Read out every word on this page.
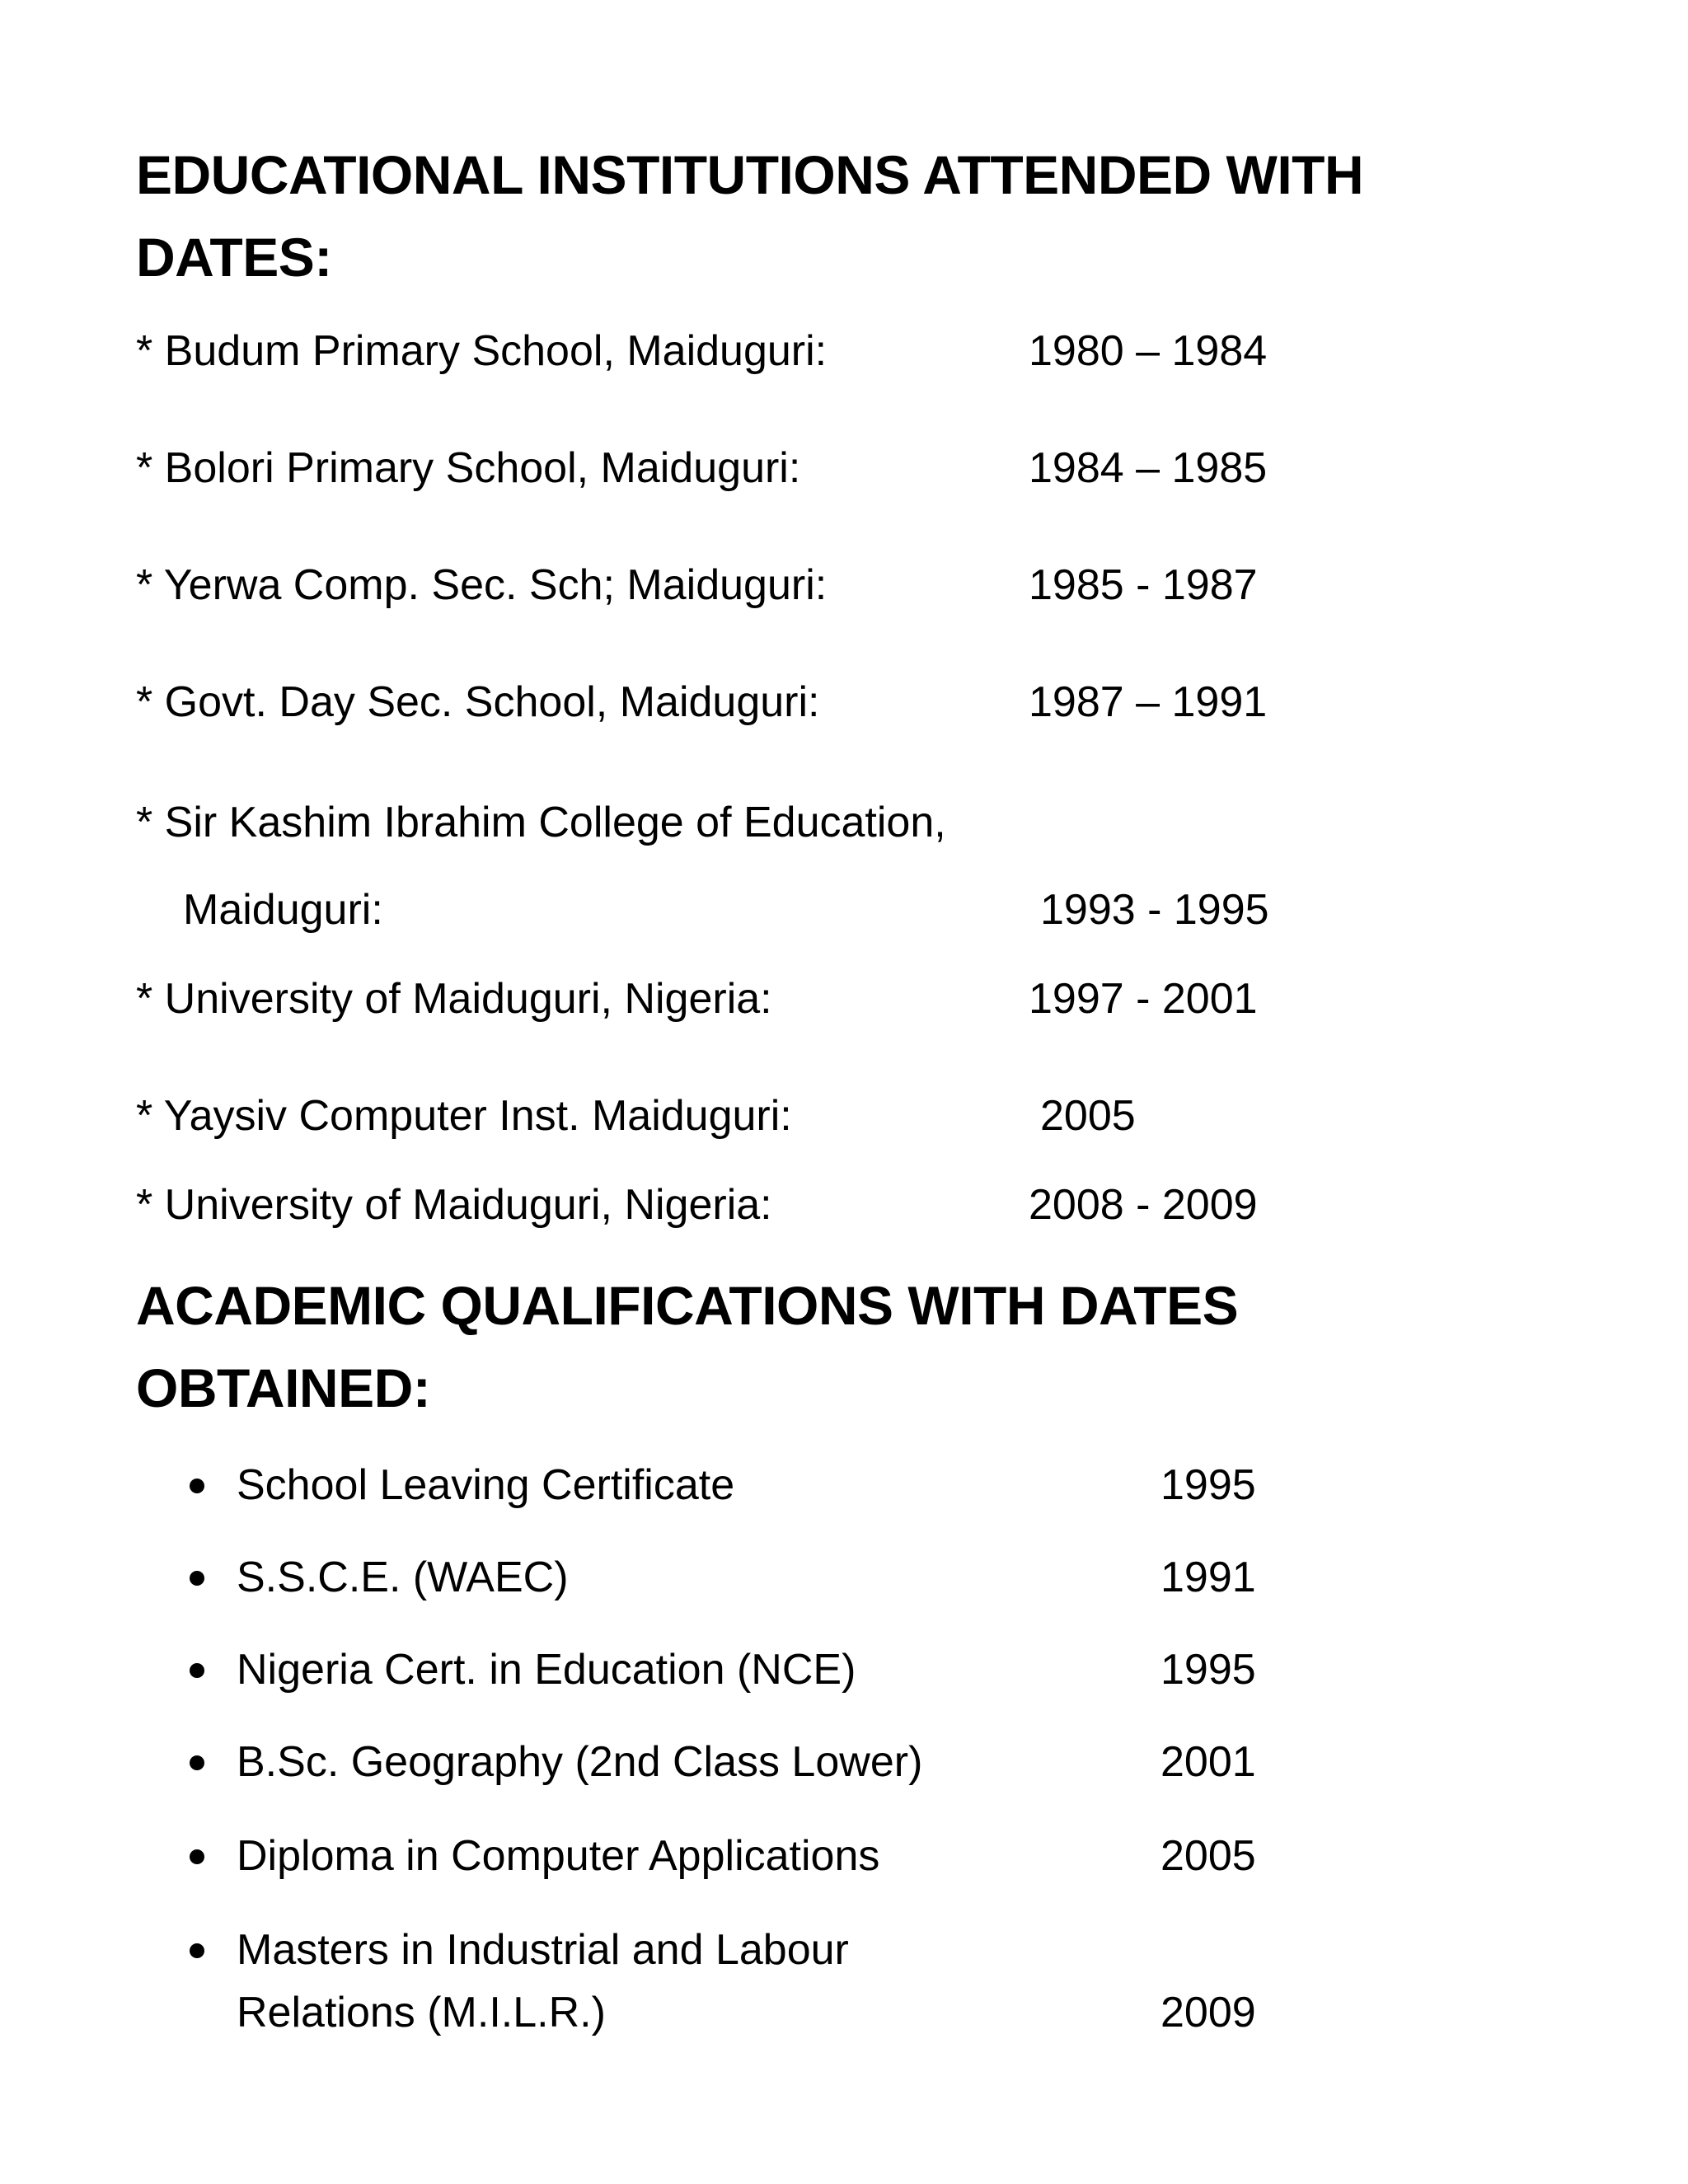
EDUCATIONAL INSTITUTIONS ATTENDED WITH
DATES:
* Budum Primary School, Maiduguri:	1980 – 1984
* Bolori Primary School, Maiduguri:	1984 – 1985
* Yerwa Comp. Sec. Sch; Maiduguri:	1985 - 1987
* Govt. Day Sec. School, Maiduguri:	1987 – 1991
* Sir Kashim Ibrahim College of Education,
Maiduguri:	1993 - 1995
* University of Maiduguri, Nigeria:	1997 - 2001
* Yaysiv Computer Inst. Maiduguri:	2005
* University of Maiduguri, Nigeria:	2008 - 2009
ACADEMIC QUALIFICATIONS WITH DATES
OBTAINED:
School Leaving Certificate	1995
S.S.C.E. (WAEC)	1991
Nigeria Cert. in Education (NCE)	1995
B.Sc. Geography (2nd Class Lower)	2001
Diploma in Computer Applications	2005
Masters in Industrial and Labour
Relations (M.I.L.R.)	2009
